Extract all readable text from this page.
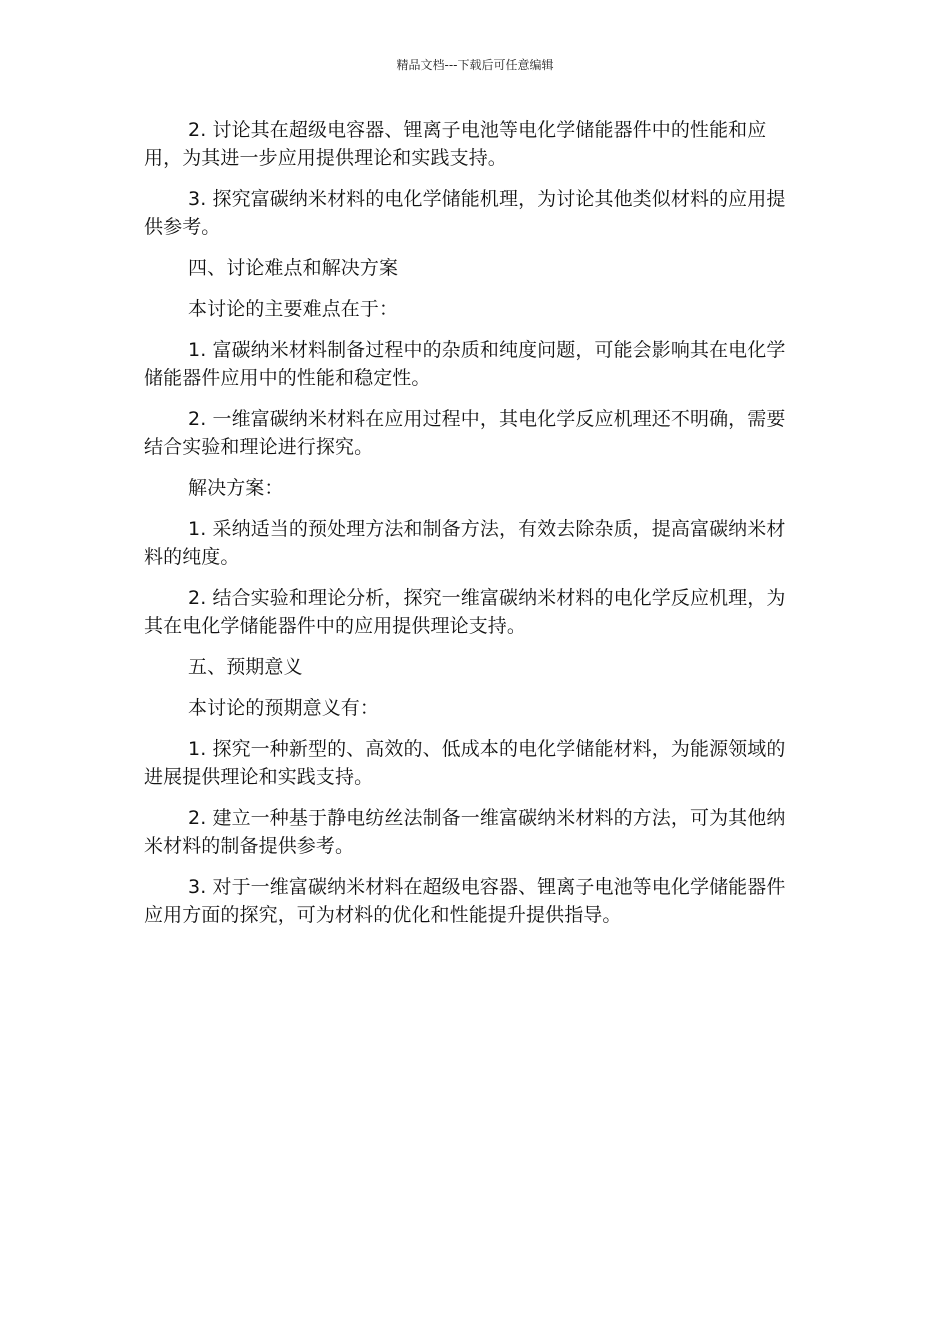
精品文档---下载后可任意编辑

2. 讨论其在超级电容器、锂离子电池等电化学储能器件中的性能和应用，为其进一步应用提供理论和实践支持。

3. 探究富碳纳米材料的电化学储能机理，为讨论其他类似材料的应用提供参考。

四、讨论难点和解决方案

本讨论的主要难点在于：

1. 富碳纳米材料制备过程中的杂质和纯度问题，可能会影响其在电化学储能器件应用中的性能和稳定性。

2. 一维富碳纳米材料在应用过程中，其电化学反应机理还不明确，需要结合实验和理论进行探究。

解决方案：

1. 采纳适当的预处理方法和制备方法，有效去除杂质，提高富碳纳米材料的纯度。

2. 结合实验和理论分析，探究一维富碳纳米材料的电化学反应机理，为其在电化学储能器件中的应用提供理论支持。

五、预期意义

本讨论的预期意义有：

1. 探究一种新型的、高效的、低成本的电化学储能材料，为能源领域的进展提供理论和实践支持。

2. 建立一种基于静电纺丝法制备一维富碳纳米材料的方法，可为其他纳米材料的制备提供参考。

3. 对于一维富碳纳米材料在超级电容器、锂离子电池等电化学储能器件应用方面的探究，可为材料的优化和性能提升提供指导。
